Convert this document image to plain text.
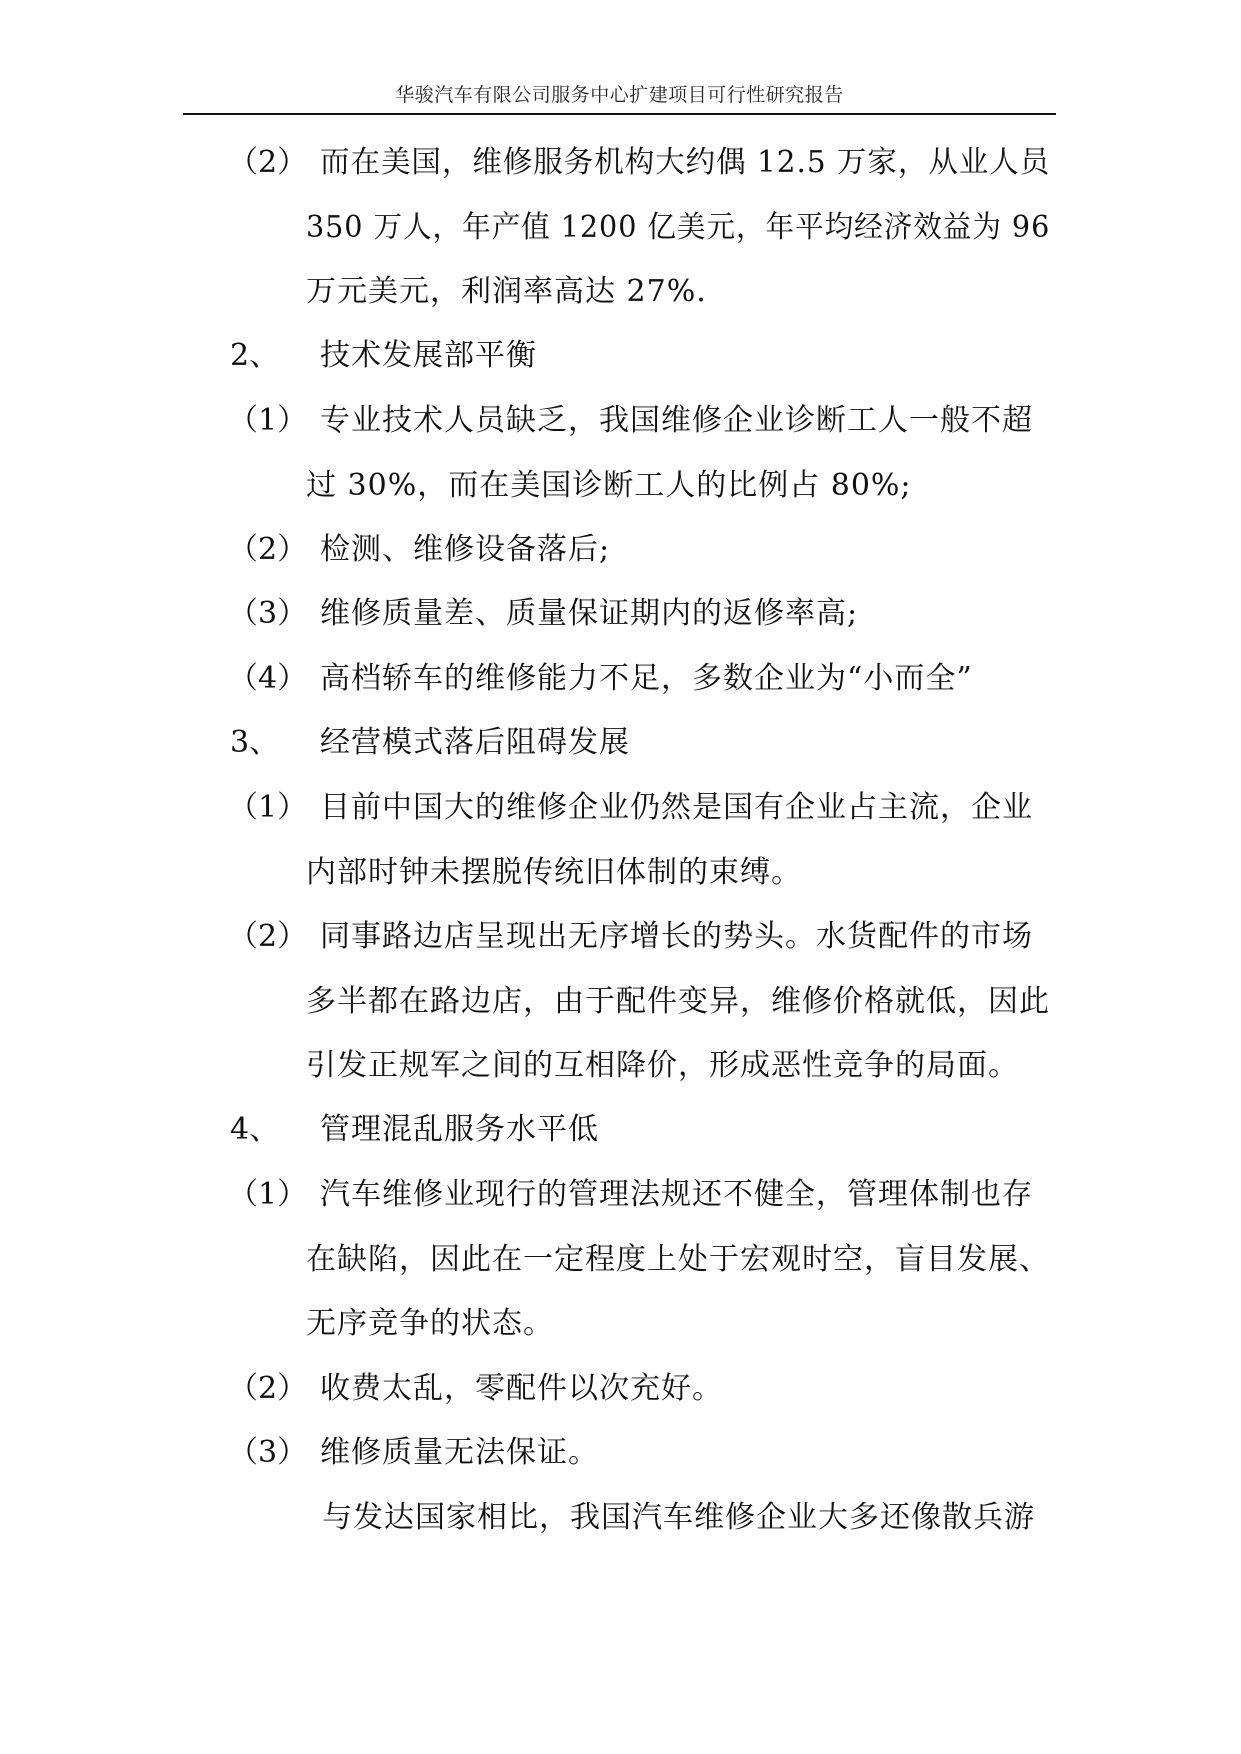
华骏汽车有限公司服务中心扩建项目可行性研究报告
（2） 而在美国，维修服务机构大约偶 12.5 万家，从业人员
350 万人，年产值 1200 亿美元，年平均经济效益为 96
万元美元，利润率高达 27%.
2、 技术发展部平衡
（1） 专业技术人员缺乏，我国维修企业诊断工人一般不超
过 30%，而在美国诊断工人的比例占 80%;
（2） 检测、维修设备落后;
（3） 维修质量差、质量保证期内的返修率高;
（4） 高档轿车的维修能力不足，多数企业为“小而全”
3、 经营模式落后阻碍发展
（1） 目前中国大的维修企业仍然是国有企业占主流，企业
内部时钟未摆脱传统旧体制的束缚。
（2） 同事路边店呈现出无序增长的势头。水货配件的市场
多半都在路边店，由于配件变异，维修价格就低，因此
引发正规军之间的互相降价，形成恶性竞争的局面。
4、 管理混乱服务水平低
（1） 汽车维修业现行的管理法规还不健全，管理体制也存
在缺陷，因此在一定程度上处于宏观时空，盲目发展、
无序竞争的状态。
（2） 收费太乱，零配件以次充好。
（3） 维修质量无法保证。
与发达国家相比，我国汽车维修企业大多还像散兵游
